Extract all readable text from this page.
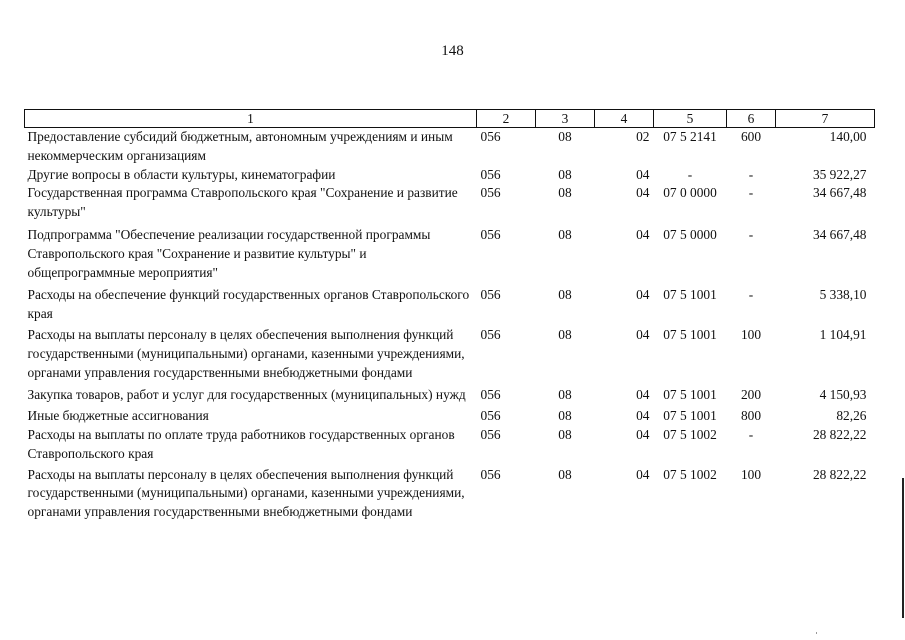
148
1	2	3	4	5	6	7
Предоставление субсидий бюджетным, автономным учреждениям и иным некоммерческим организациям	056	08	02	07 5 2141	600	140,00
Другие вопросы в области культуры, кинематографии	056	08	04	-	-	35 922,27
Государственная программа Ставропольского края "Сохранение и развитие культуры"	056	08	04	07 0 0000	-	34 667,48
Подпрограмма "Обеспечение реализации государственной программы Ставропольского края "Сохранение и развитие культуры" и общепрограммные мероприятия"	056	08	04	07 5 0000	-	34 667,48
Расходы на обеспечение функций государственных органов Ставропольского края	056	08	04	07 5 1001	-	5 338,10
Расходы на выплаты персоналу в целях обеспечения выполнения функций государственными (муниципальными) органами, казенными учреждениями, органами управления государственными внебюджетными фондами	056	08	04	07 5 1001	100	1 104,91
Закупка товаров, работ и услуг для государственных (муниципальных) нужд	056	08	04	07 5 1001	200	4 150,93
Иные бюджетные ассигнования	056	08	04	07 5 1001	800	82,26
Расходы на выплаты по оплате труда работников государственных органов Ставропольского края	056	08	04	07 5 1002	-	28 822,22
Расходы на выплаты персоналу в целях обеспечения выполнения функций государственными (муниципальными) органами, казенными учреждениями, органами управления государственными внебюджетными фондами	056	08	04	07 5 1002	100	28 822,22
